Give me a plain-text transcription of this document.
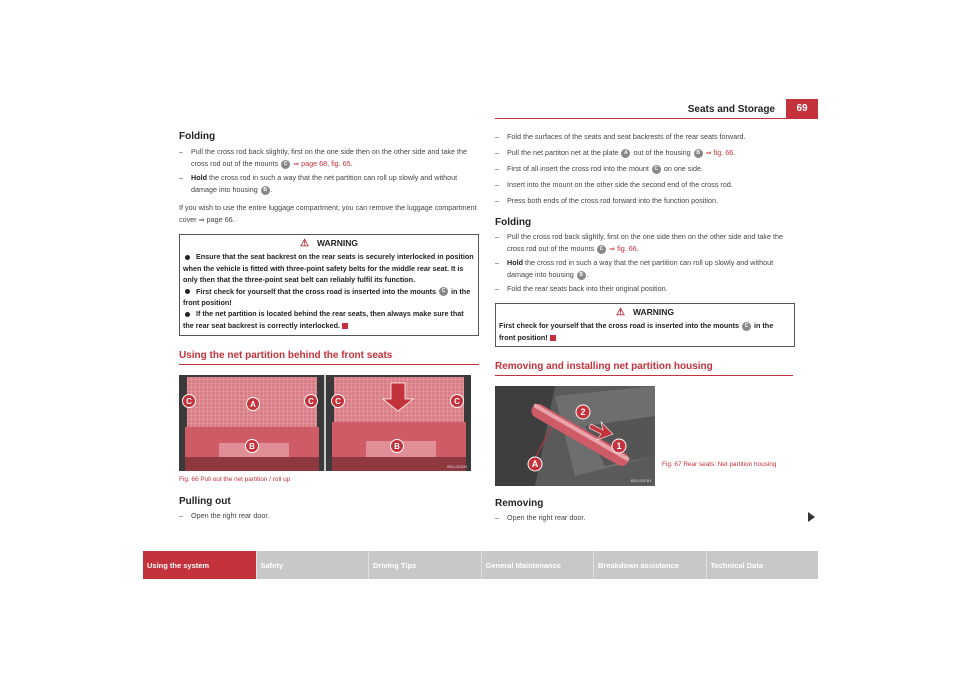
Seats and Storage	69
Folding
– Pull the cross rod back slightly, first on the one side then on the other side and take the cross rod out of the mounts C ⇒ page 68, fig. 65.
– Hold the cross rod in such a way that the net partition can roll up slowly and without damage into housing B .
If you wish to use the entire luggage compartment, you can remove the luggage compartment cover ⇒ page 66.
⚠ WARNING

Ensure that the seat backrest on the rear seats is securely interlocked in position when the vehicle is fitted with three-point safety belts for the middle rear seat. It is only then that the three-point seat belt can reliably fulfil its function.

First check for yourself that the cross road is inserted into the mounts C in the front position!

If the net partition is located behind the rear seats, then always make sure that the rear seat backrest is correctly interlocked.

Using the net partition behind the front seats
C	A	C	C	C
B	B
B5J-0011H
Fig. 66 Pull out the net partition / roll up
Pulling out
– Open the right rear door.
– Fold the surfaces of the seats and seat backrests of the rear seats forward.
– Pull the net partiton net at the plate A out of the housing B ⇒ fig. 66.
– First of all insert the cross rod into the mount C on one side.
– Insert into the mount on the other side the second end of the cross rod.
– Press both ends of the cross rod forward into the function position.
Folding
– Pull the cross rod back slightly, first on the one side then on the other side and take the cross rod out of the mounts C ⇒ fig. 66.
– Hold the cross rod in such a way that the net partition can roll up slowly and without damage into housing B .
– Fold the rear seats back into their original position.
⚠ WARNING

First check for yourself that the cross road is inserted into the mounts C in the front position!

Removing and installing net partition housing
2
1
A
B5J-0013H
Fig. 67 Rear seats: Net partition housing
Removing
– Open the right rear door.
Using the system	Safety	Driving Tips	General Maintenance	Breakdown assistance	Technical Data
